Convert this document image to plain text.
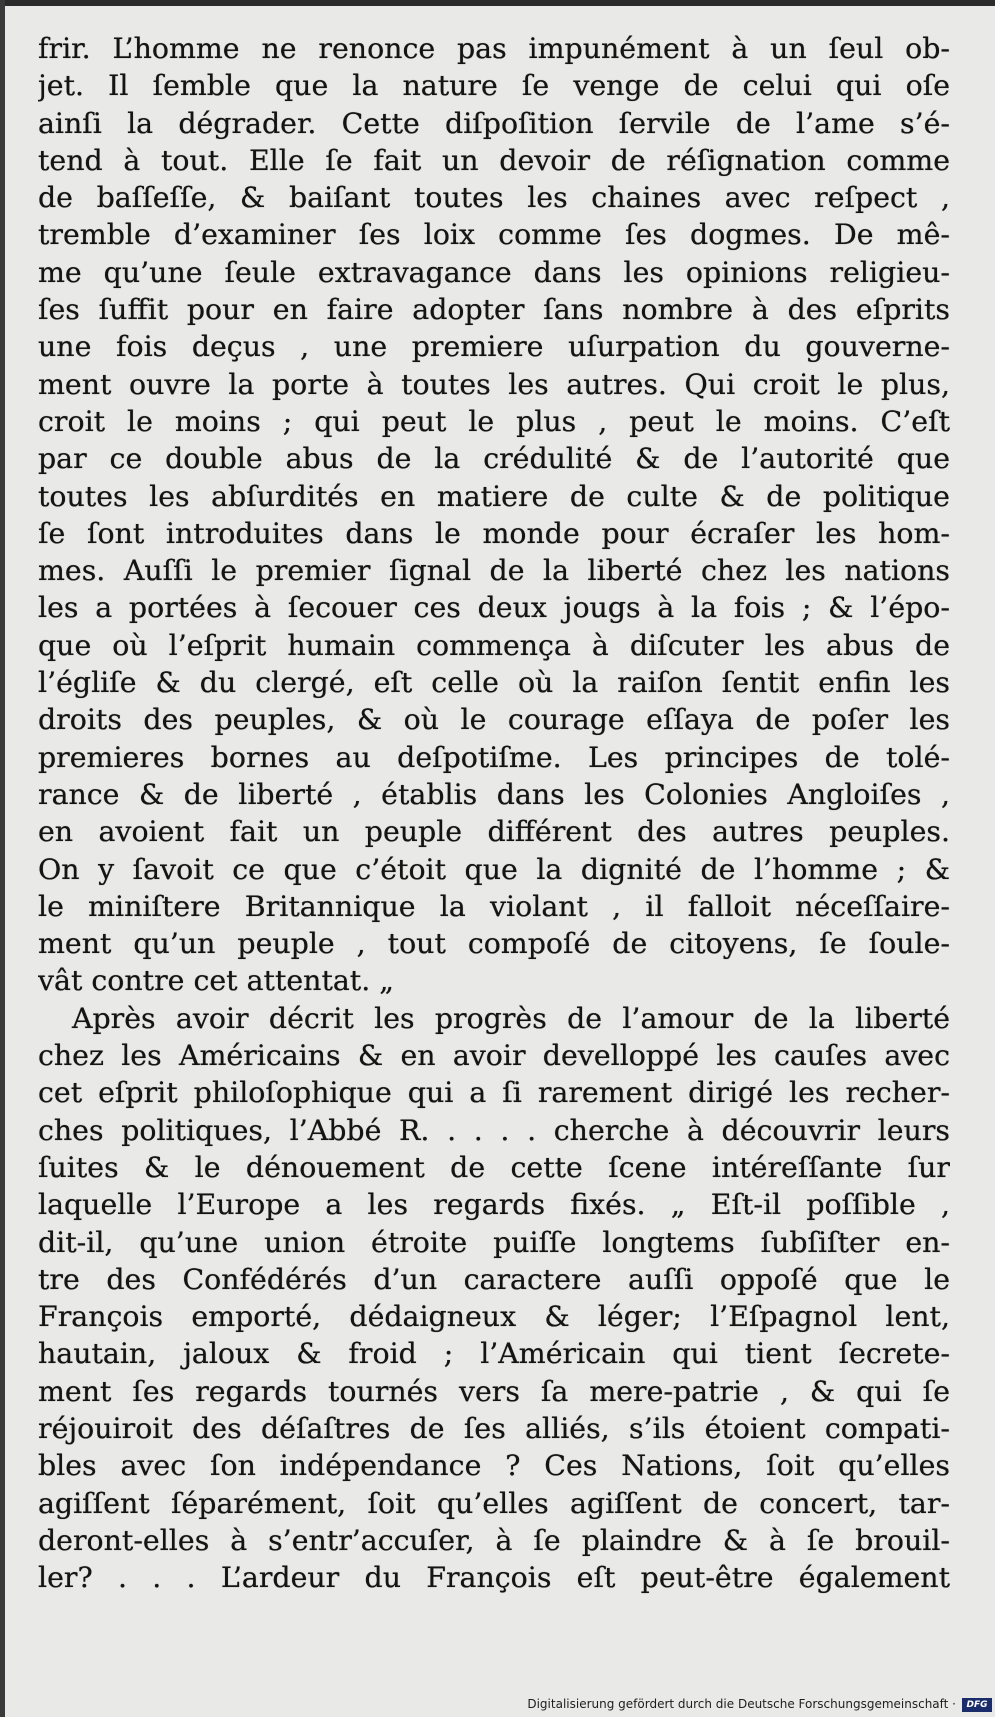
frir. L’homme ne renonce pas impunément à un ſeul ob-
jet. Il ſemble que la nature ſe venge de celui qui oſe
ainſi la dégrader. Cette diſpoſition ſervile de l’ame s’é-
tend à tout. Elle ſe fait un devoir de réſignation comme
de baſſeſſe, & baiſant toutes les chaines avec reſpect ,
tremble d’examiner ſes loix comme ſes dogmes. De mê-
me qu’une ſeule extravagance dans les opinions religieu-
ſes ſuffit pour en faire adopter ſans nombre à des eſprits
une fois deçus , une premiere uſurpation du gouverne-
ment ouvre la porte à toutes les autres. Qui croit le plus,
croit le moins ; qui peut le plus , peut le moins. C’eſt
par ce double abus de la crédulité & de l’autorité que
toutes les abſurdités en matiere de culte & de politique
ſe ſont introduites dans le monde pour écraſer les hom-
mes. Auſſi le premier ſignal de la liberté chez les nations
les a portées à ſecouer ces deux jougs à la fois ; & l’épo-
que où l’eſprit humain commença à diſcuter les abus de
l’égliſe & du clergé, eſt celle où la raiſon ſentit enfin les
droits des peuples, & où le courage eſſaya de poſer les
premieres bornes au deſpotiſme. Les principes de tolé-
rance & de liberté , établis dans les Colonies Angloiſes ,
en avoient fait un peuple différent des autres peuples.
On y ſavoit ce que c’étoit que la dignité de l’homme ; &
le miniſtere Britannique la violant , il falloit néceſſaire-
ment qu’un peuple , tout compoſé de citoyens, ſe ſoule-
vât contre cet attentat. „
Après avoir décrit les progrès de l’amour de la liberté
chez les Américains & en avoir develloppé les cauſes avec
cet eſprit philoſophique qui a ſi rarement dirigé les recher-
ches politiques, l’Abbé R. . . . . cherche à découvrir leurs
ſuites & le dénouement de cette ſcene intéreſſante ſur
laquelle l’Europe a les regards fixés. „ Eſt-il poſſible ,
dit-il, qu’une union étroite puiſſe longtems ſubſiſter en-
tre des Confédérés d’un caractere auſſi oppoſé que le
François emporté, dédaigneux & léger; l’Eſpagnol lent,
hautain, jaloux & froid ; l’Américain qui tient ſecrete-
ment ſes regards tournés vers ſa mere-patrie , & qui ſe
réjouiroit des déſaſtres de ſes alliés, s’ils étoient compati-
bles avec ſon indépendance ? Ces Nations, ſoit qu’elles
agiſſent ſéparément, ſoit qu’elles agiſſent de concert, tar-
deront-elles à s’entr’accuſer, à ſe plaindre & à ſe brouil-
ler? . . . L’ardeur du François eſt peut-être également
Digitalisierung gefördert durch die Deutsche Forschungsgemeinschaft ·	DFG
